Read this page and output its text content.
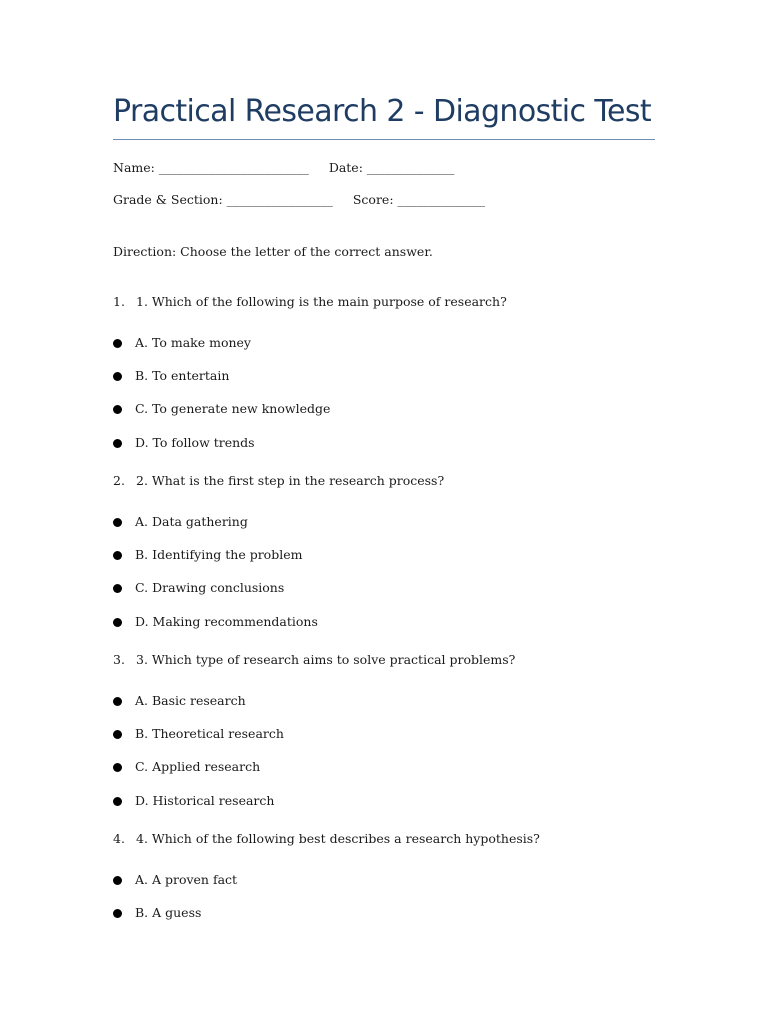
Practical Research 2 - Diagnostic Test
Name: ________________________ Date: ______________
Grade & Section: _________________ Score: ______________
Direction: Choose the letter of the correct answer.
1. 1. Which of the following is the main purpose of research?
A. To make money
B. To entertain
C. To generate new knowledge
D. To follow trends
2. 2. What is the first step in the research process?
A. Data gathering
B. Identifying the problem
C. Drawing conclusions
D. Making recommendations
3. 3. Which type of research aims to solve practical problems?
A. Basic research
B. Theoretical research
C. Applied research
D. Historical research
4. 4. Which of the following best describes a research hypothesis?
A. A proven fact
B. A guess
